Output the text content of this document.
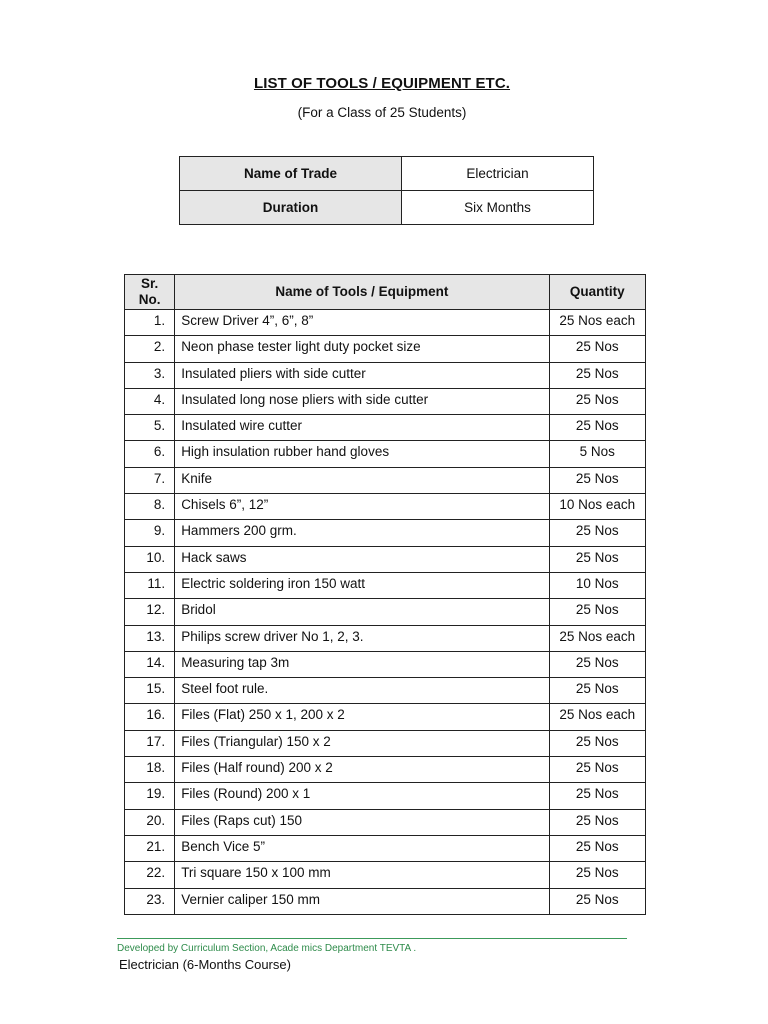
LIST OF TOOLS / EQUIPMENT ETC.
(For a Class of 25 Students)
Name of Trade	Electrician
Duration	Six Months
Sr.
No.	Name of Tools / Equipment	Quantity
1.	Screw Driver 4”, 6”, 8”	25 Nos each
2.	Neon phase tester light duty pocket size	25 Nos
3.	Insulated pliers with side cutter	25 Nos
4.	Insulated long nose pliers with side cutter	25 Nos
5.	Insulated wire cutter	25 Nos
6.	High insulation rubber hand gloves	5 Nos
7.	Knife	25 Nos
8.	Chisels 6”, 12”	10 Nos each
9.	Hammers 200 grm.	25 Nos
10.	Hack saws	25 Nos
11.	Electric soldering iron 150 watt	10 Nos
12.	Bridol	25 Nos
13.	Philips screw driver No 1, 2, 3.	25 Nos each
14.	Measuring tap 3m	25 Nos
15.	Steel foot rule.	25 Nos
16.	Files (Flat) 250 x 1, 200 x 2	25 Nos each
17.	Files (Triangular) 150 x 2	25 Nos
18.	Files (Half round) 200 x 2	25 Nos
19.	Files (Round) 200 x 1	25 Nos
20.	Files (Raps cut) 150	25 Nos
21.	Bench Vice 5”	25 Nos
22.	Tri square 150 x 100 mm	25 Nos
23.	Vernier caliper 150 mm	25 Nos
Developed by Curriculum Section, Acade mics Department TEVTA .
Electrician (6-Months Course)
